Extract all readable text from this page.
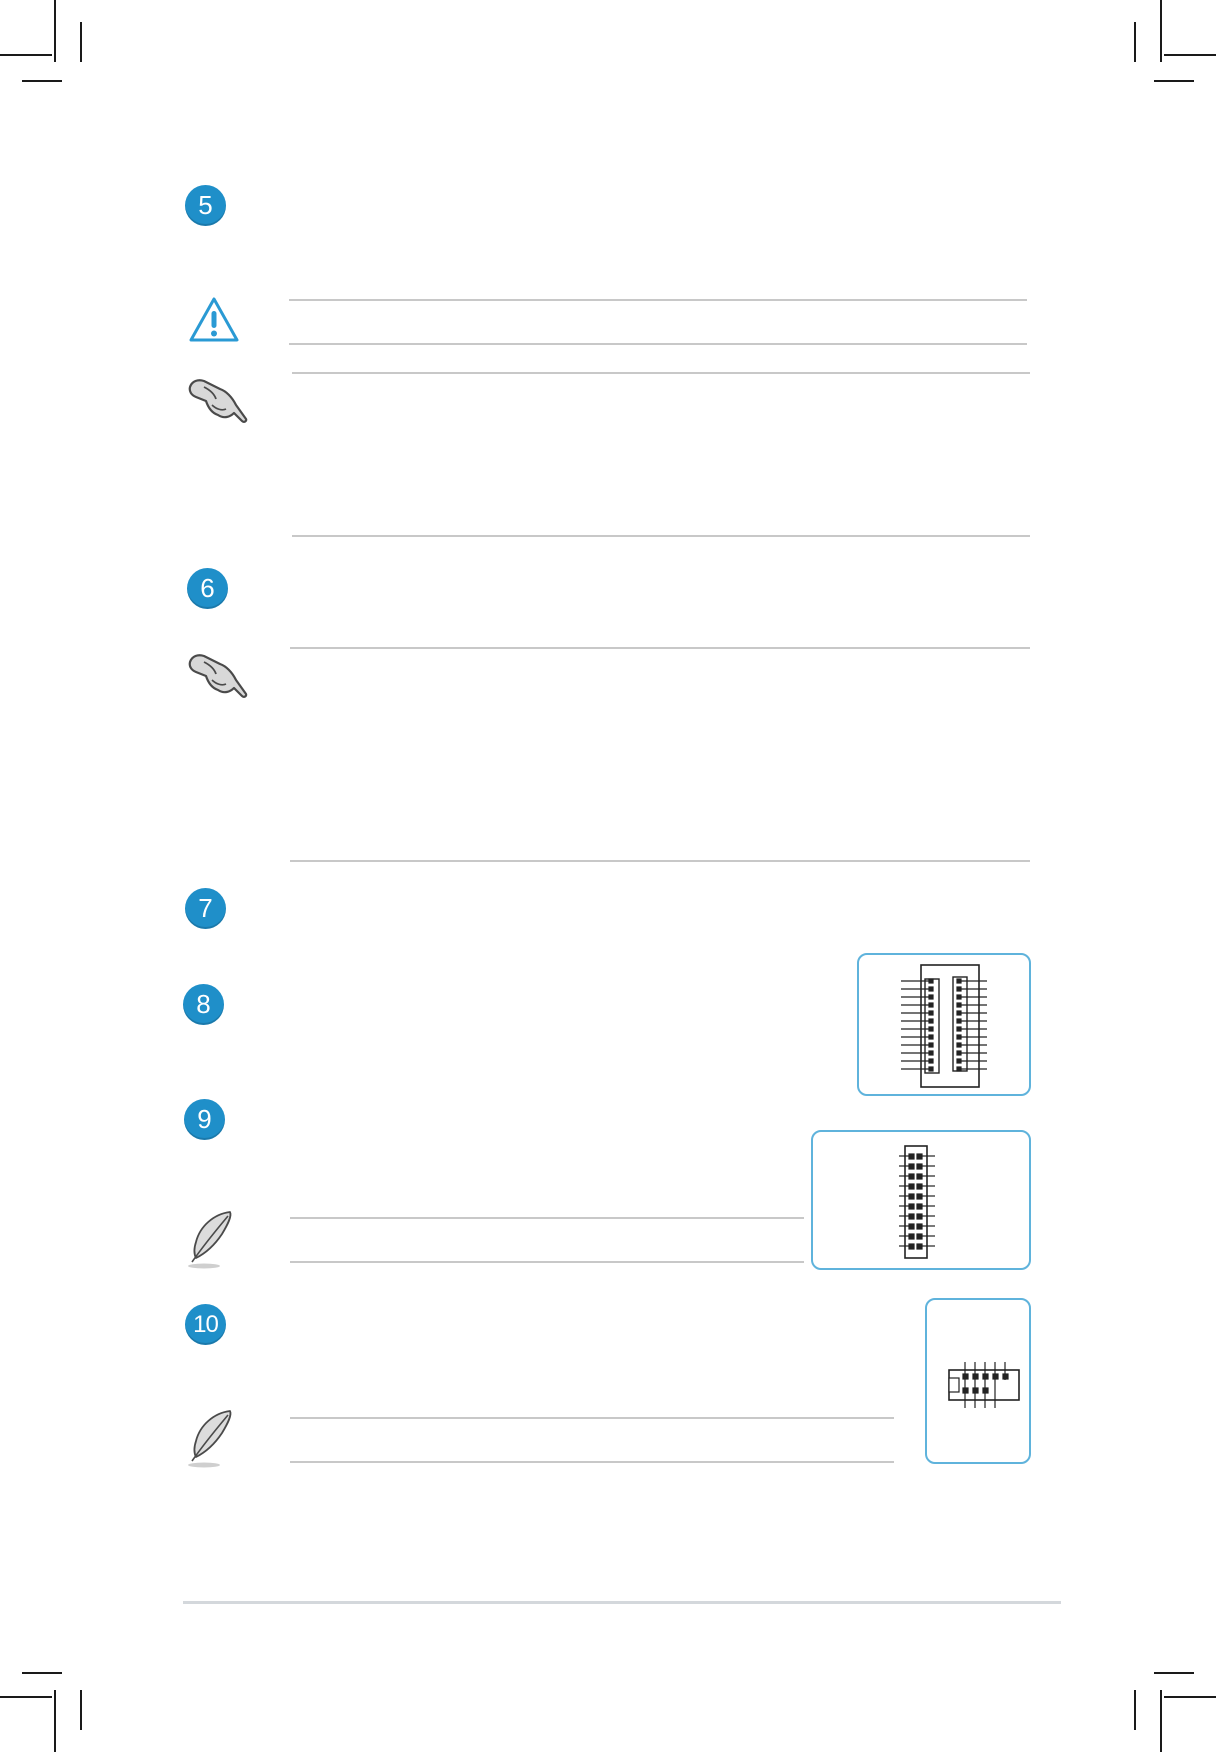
5
6
7
8
9
10
